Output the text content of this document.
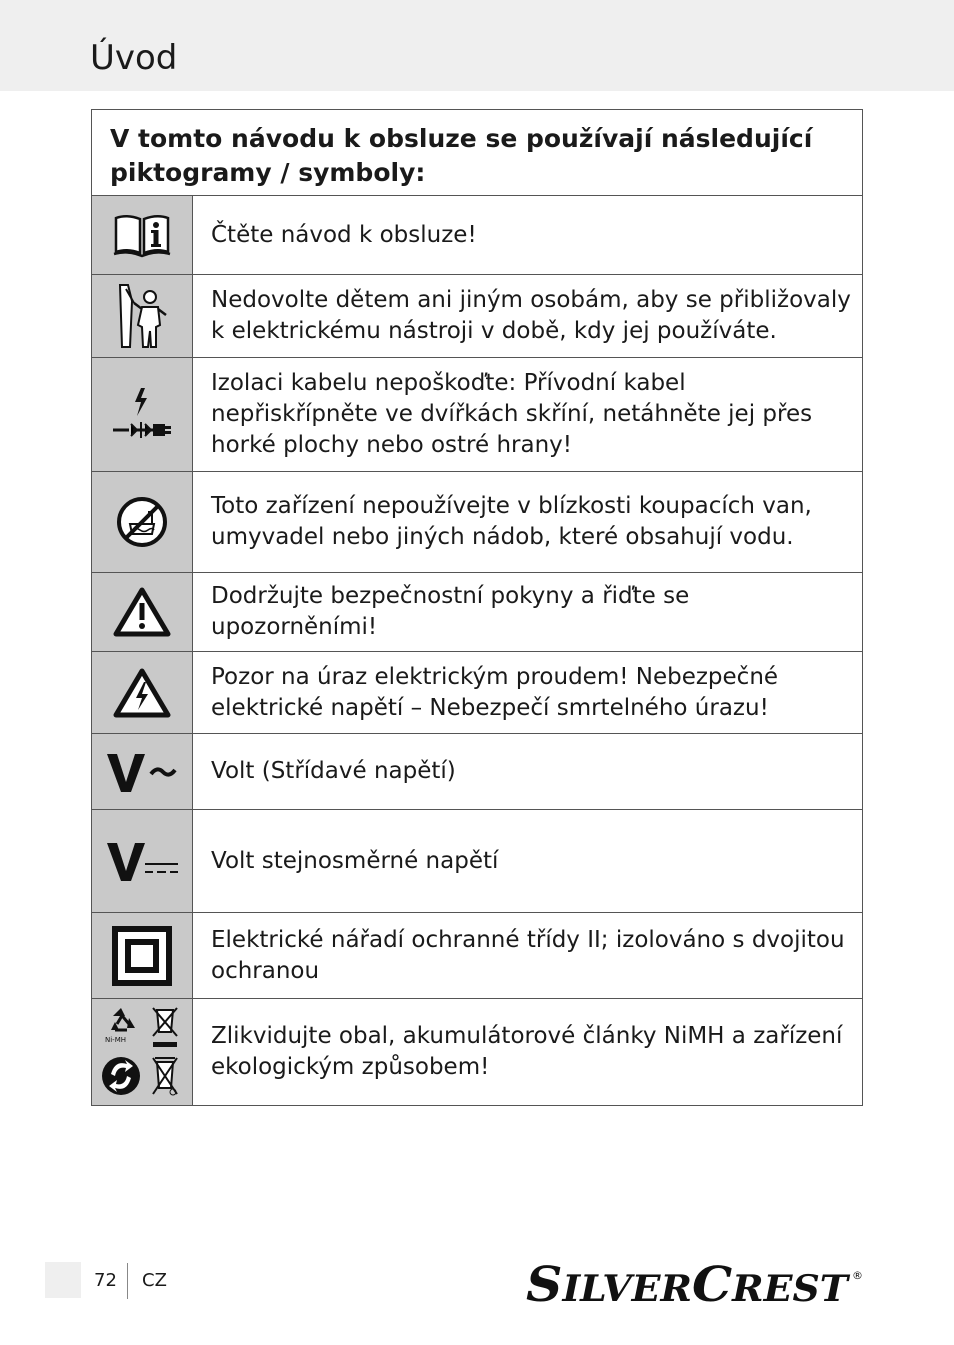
Úvod
V tomto návodu k obsluze se používají následující piktogramy / symboly:
Čtěte návod k obsluze!
Nedovolte dětem ani jiným osobám, aby se přibližovaly k elektrickému nástroji v době, kdy jej používáte.
Izolaci kabelu nepoškoďte: Přívodní kabel nepřiskřípněte ve dvířkách skříní, netáhněte jej přes horké plochy nebo ostré hrany!
Toto zařízení nepoužívejte v blízkosti koupacích van, umyvadel nebo jiných nádob, které obsahují vodu.
Dodržujte bezpečnostní pokyny a řiďte se upozorněními!
Pozor na úraz elektrickým proudem! Nebezpečné elektrické napětí – Nebezpečí smrtelného úrazu!
Volt (Střídavé napětí)
Volt stejnosměrné napětí
Elektrické nářadí ochranné třídy II; izolováno s dvojitou ochranou
Ni-MH	Zlikvidujte obal, akumulátorové články NiMH a zařízení ekologickým způsobem!
72 CZ	SILVER CREST ®
